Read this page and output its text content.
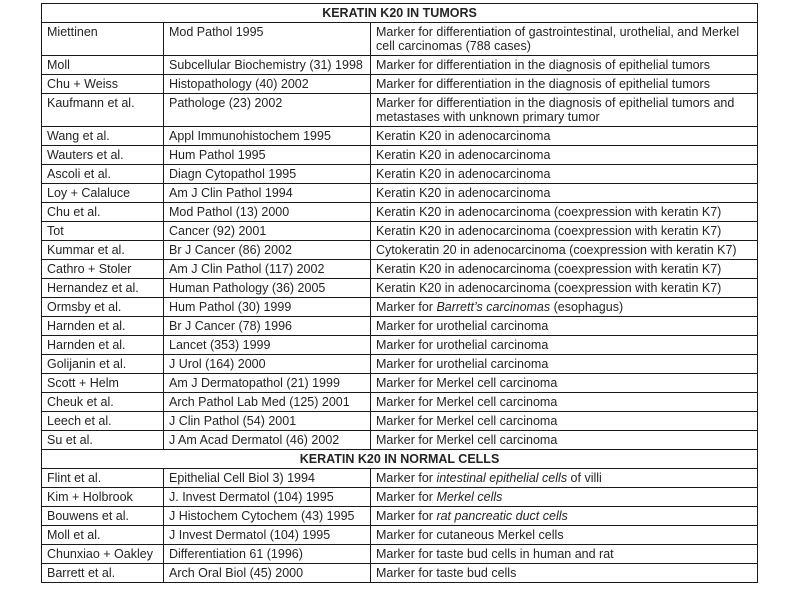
KERATIN K20 IN TUMORS		
Miettinen	Mod Pathol 1995	Marker for differentiation of gastrointestinal, urothelial, and Merkel cell carcinomas (788 cases)
Moll	Subcellular Biochemistry (31) 1998	Marker for differentiation in the diagnosis of epithelial tumors
Chu + Weiss	Histopathology (40) 2002	Marker for differentiation in the diagnosis of epithelial tumors
Kaufmann et al.	Pathologe (23) 2002	Marker for differentiation in the diagnosis of epithelial tumors and metastases with unknown primary tumor
Wang et al.	Appl Immunohistochem 1995	Keratin K20 in adenocarcinoma
Wauters et al.	Hum Pathol 1995	Keratin K20 in adenocarcinoma
Ascoli et al.	Diagn Cytopathol 1995	Keratin K20 in adenocarcinoma
Loy + Calaluce	Am J Clin Pathol 1994	Keratin K20 in adenocarcinoma
Chu et al.	Mod Pathol (13) 2000	Keratin K20 in adenocarcinoma (coexpression with keratin K7)
Tot	Cancer (92) 2001	Keratin K20 in adenocarcinoma (coexpression with keratin K7)
Kummar et al.	Br J Cancer (86) 2002	Cytokeratin 20 in adenocarcinoma (coexpression with keratin K7)
Cathro + Stoler	Am J Clin Pathol (117) 2002	Keratin K20 in adenocarcinoma (coexpression with keratin K7)
Hernandez et al.	Human Pathology (36) 2005	Keratin K20 in adenocarcinoma (coexpression with keratin K7)
Ormsby et al.	Hum Pathol (30) 1999	Marker for Barrett’s carcinomas (esophagus)
Harnden et al.	Br J Cancer (78) 1996	Marker for urothelial carcinoma
Harnden et al.	Lancet (353) 1999	Marker for urothelial carcinoma
Golijanin et al.	J Urol (164) 2000	Marker for urothelial carcinoma
Scott + Helm	Am J Dermatopathol (21) 1999	Marker for Merkel cell carcinoma
Cheuk et al.	Arch Pathol Lab Med (125) 2001	Marker for Merkel cell carcinoma
Leech et al.	J Clin Pathol (54) 2001	Marker for Merkel cell carcinoma
Su et al.	J Am Acad Dermatol (46) 2002	Marker for Merkel cell carcinoma
KERATIN K20 IN NORMAL CELLS		
Flint et al.	Epithelial Cell Biol 3) 1994	Marker for intestinal epithelial cells of villi
Kim + Holbrook	J. Invest Dermatol (104) 1995	Marker for Merkel cells
Bouwens et al.	J Histochem Cytochem (43) 1995	Marker for rat pancreatic duct cells
Moll et al.	J Invest Dermatol (104) 1995	Marker for cutaneous Merkel cells
Chunxiao + Oakley	Differentiation 61 (1996)	Marker for taste bud cells in human and rat
Barrett et al.	Arch Oral Biol (45) 2000	Marker for taste bud cells
